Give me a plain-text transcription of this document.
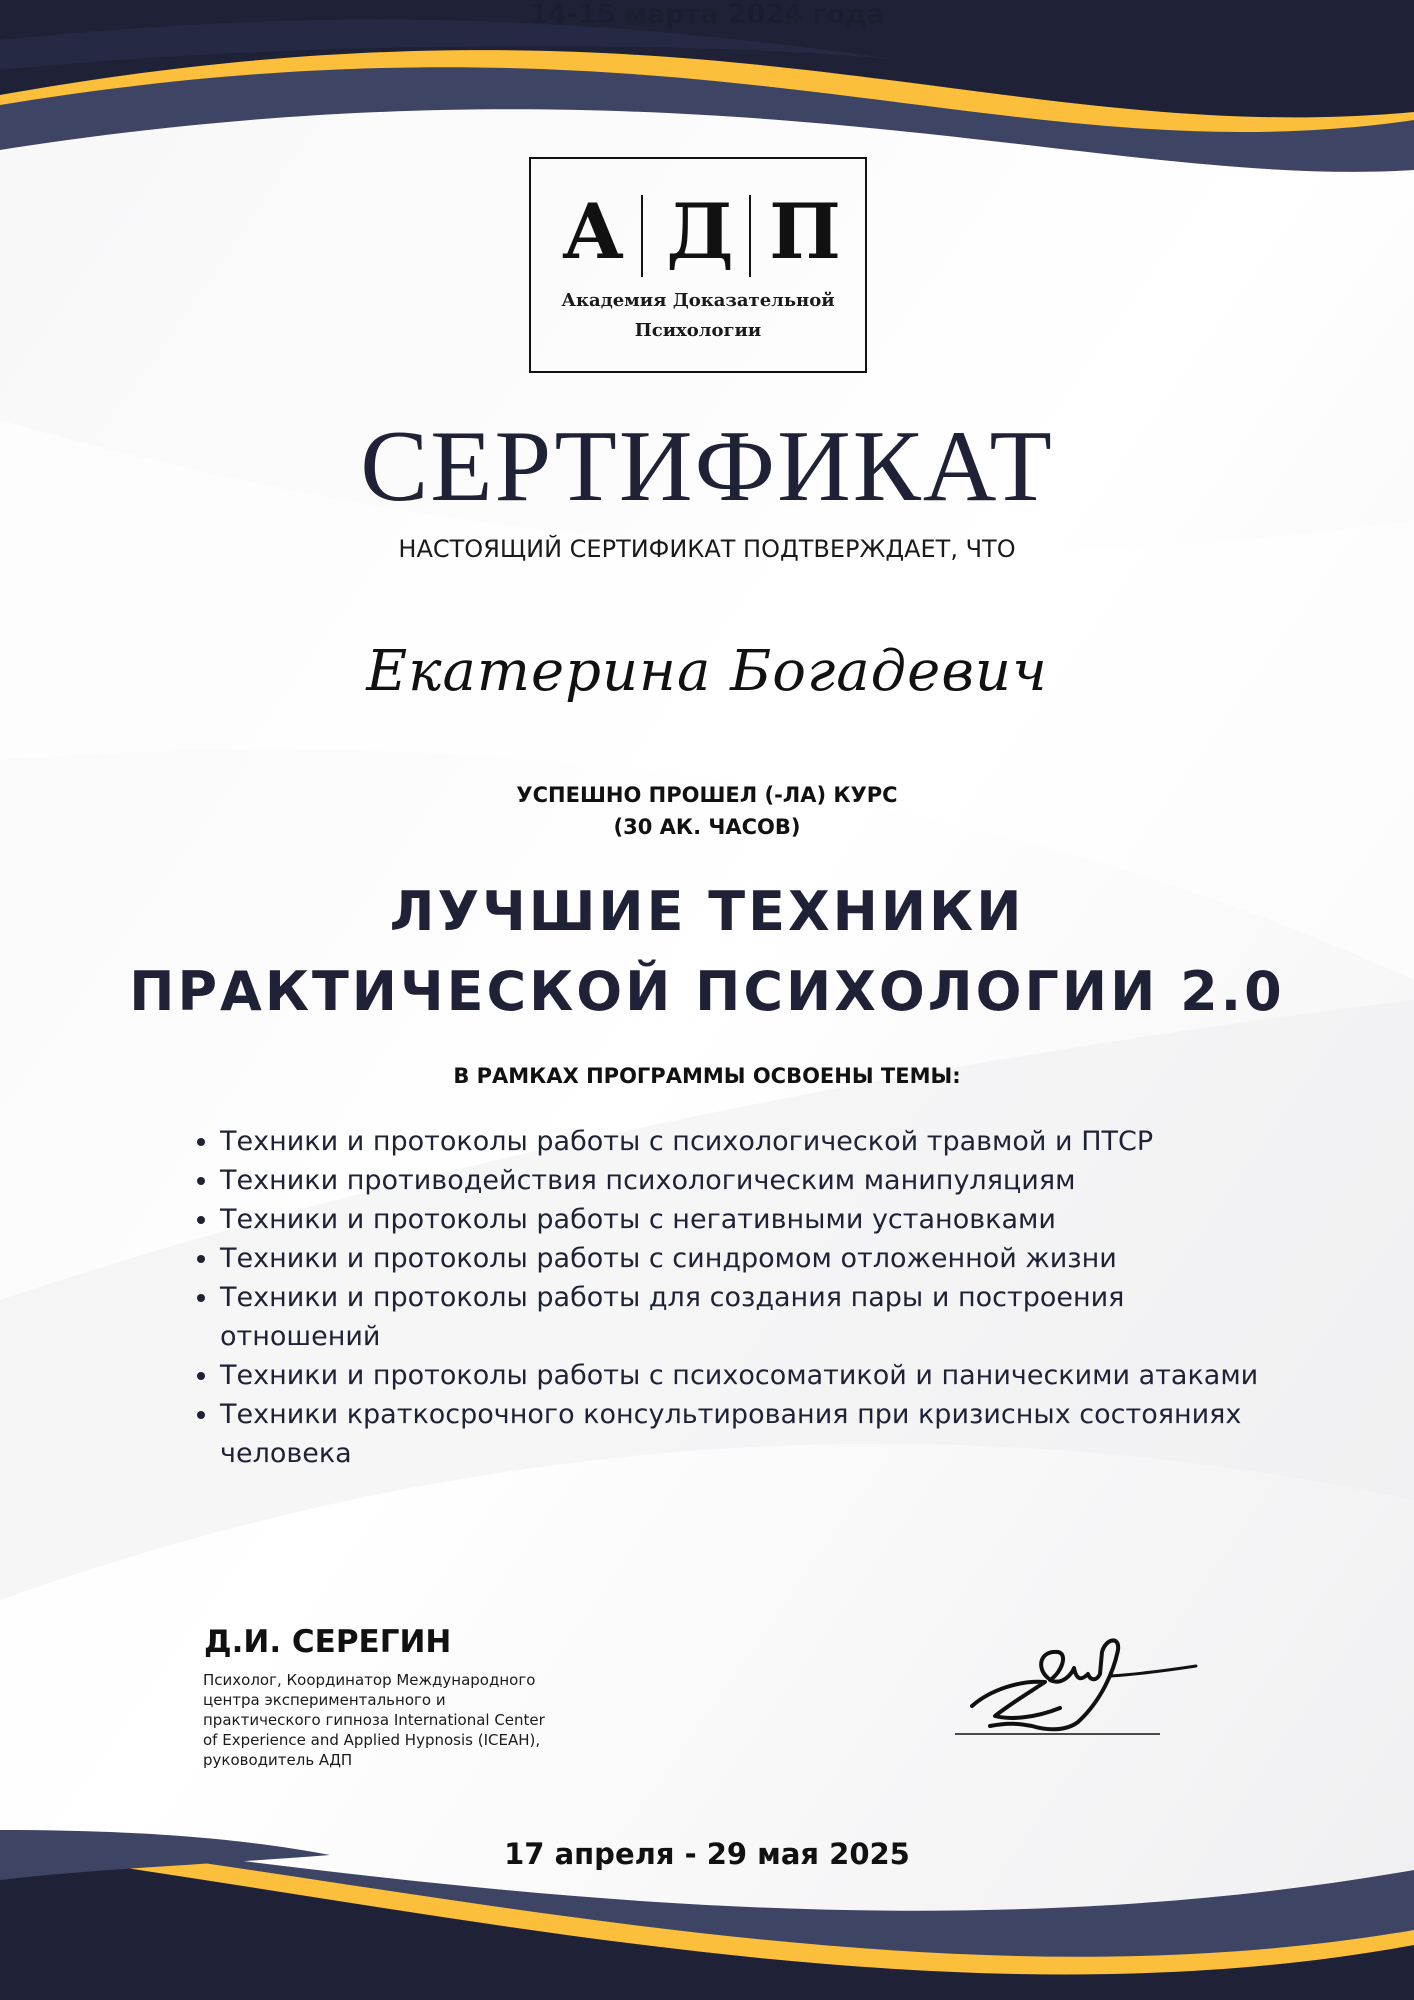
14-15 марта 2024 года
А Д П
Академия Доказательной
Психологии
СЕРТИФИКАТ
НАСТОЯЩИЙ СЕРТИФИКАТ ПОДТВЕРЖДАЕТ, ЧТО
Екатерина Богадевич
УСПЕШНО ПРОШЕЛ (-ЛА) КУРС
(30 АК. ЧАСОВ)
ЛУЧШИЕ ТЕХНИКИ
ПРАКТИЧЕСКОЙ ПСИХОЛОГИИ 2.0
В РАМКАХ ПРОГРАММЫ ОСВОЕНЫ ТЕМЫ:
• Техники и протоколы работы с психологической травмой и ПТСР
• Техники противодействия психологическим манипуляциям
• Техники и протоколы работы с негативными установками
• Техники и протоколы работы с синдромом отложенной жизни
• Техники и протоколы работы для создания пары и построения отношений
• Техники и протоколы работы с психосоматикой и паническими атаками
• Техники краткосрочного консультирования при кризисных состояниях человека
Д.И. СЕРЕГИН
Психолог, Координатор Международного центра экспериментального и практического гипноза International Center of Experience and Applied Hypnosis (ICEAH), руководитель АДП
17 апреля - 29 мая 2025
